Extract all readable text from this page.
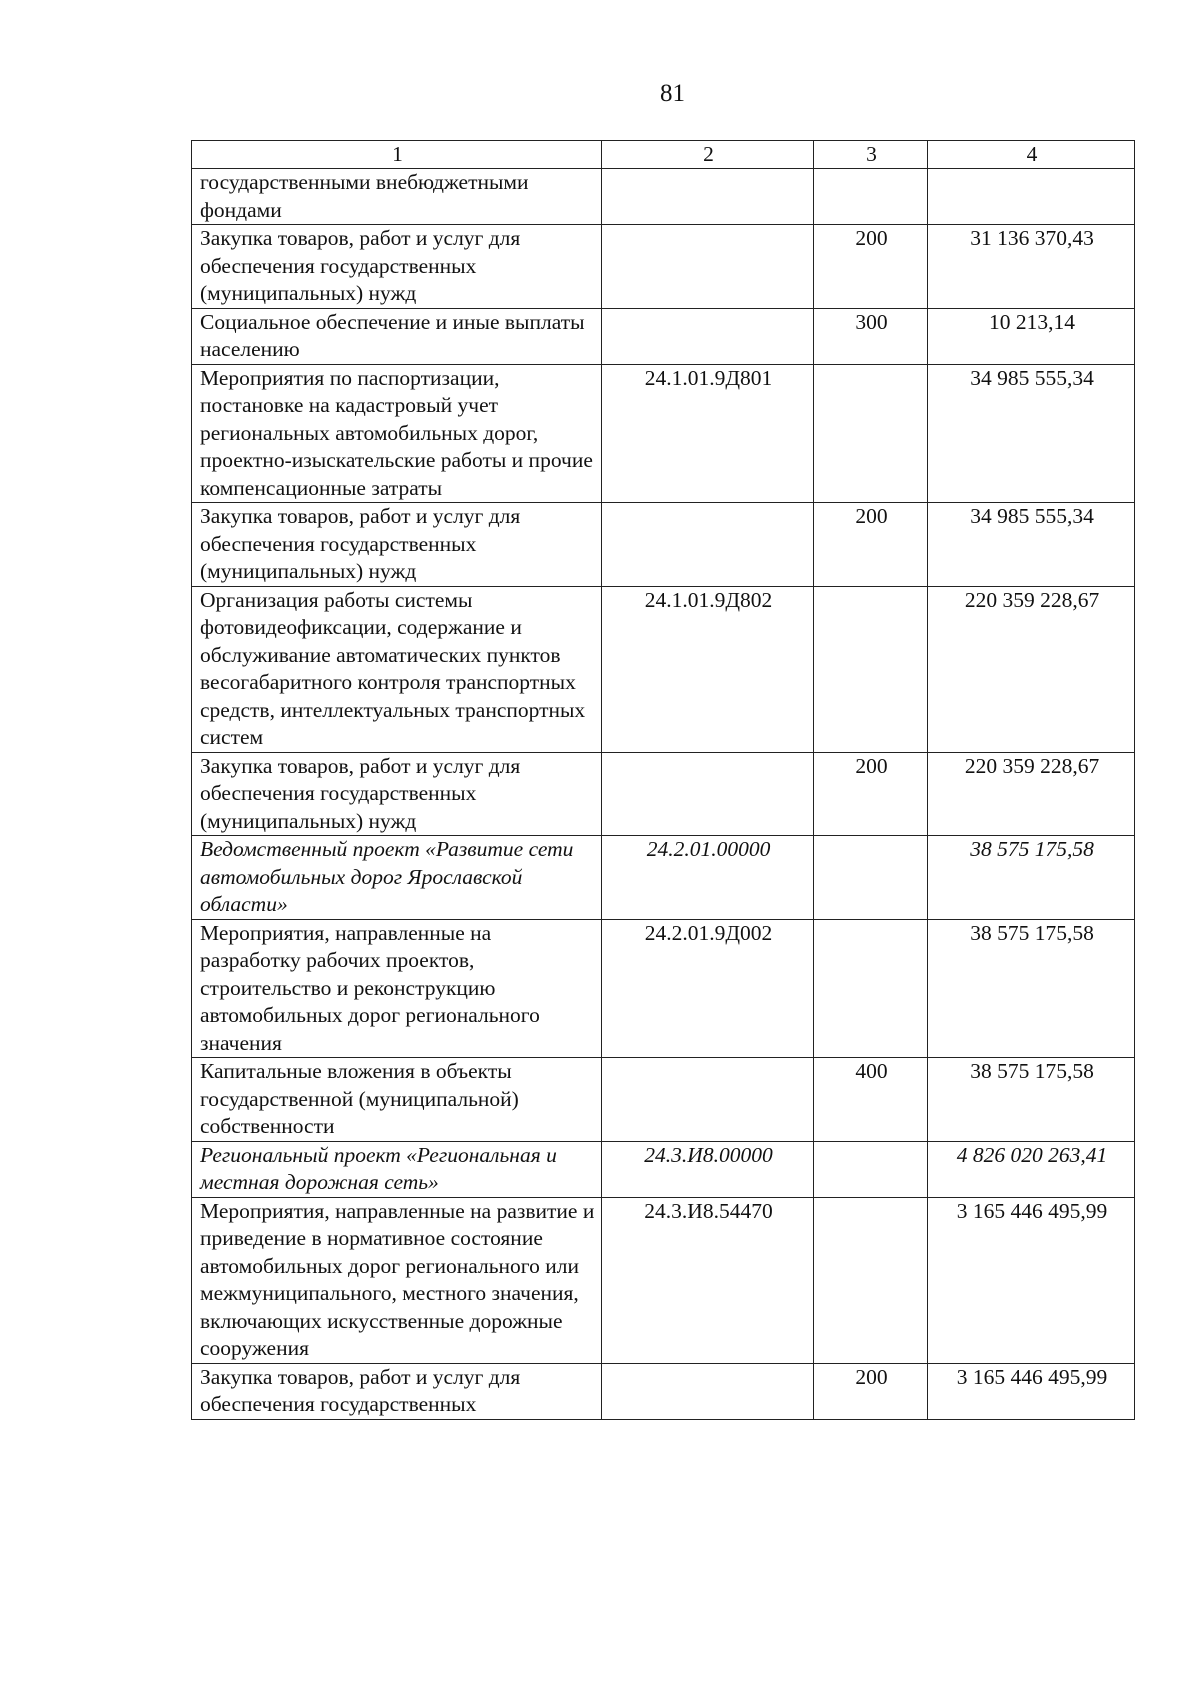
81
1	2	3	4
государственными внебюджетными фондами			
Закупка товаров, работ и услуг для обеспечения государственных (муниципальных) нужд		200	31 136 370,43
Социальное обеспечение и иные выплаты населению		300	10 213,14
Мероприятия по паспортизации, постановке на кадастровый учет региональных автомобильных дорог, проектно-изыскательские работы и прочие компенсационные затраты	24.1.01.9Д801		34 985 555,34
Закупка товаров, работ и услуг для обеспечения государственных (муниципальных) нужд		200	34 985 555,34
Организация работы системы фотовидеофиксации, содержание и обслуживание автоматических пунктов весогабаритного контроля транспортных средств, интеллектуальных транспортных систем	24.1.01.9Д802		220 359 228,67
Закупка товаров, работ и услуг для обеспечения государственных (муниципальных) нужд		200	220 359 228,67
Ведомственный проект «Развитие сети автомобильных дорог Ярославской области»	24.2.01.00000		38 575 175,58
Мероприятия, направленные на разработку рабочих проектов, строительство и реконструкцию автомобильных дорог регионального значения	24.2.01.9Д002		38 575 175,58
Капитальные вложения в объекты государственной (муниципальной) собственности		400	38 575 175,58
Региональный проект «Региональная и местная дорожная сеть»	24.3.И8.00000		4 826 020 263,41
Мероприятия, направленные на развитие и приведение в нормативное состояние автомобильных дорог регионального или межмуниципального, местного значения, включающих искусственные дорожные сооружения	24.3.И8.54470		3 165 446 495,99
Закупка товаров, работ и услуг для обеспечения государственных		200	3 165 446 495,99
